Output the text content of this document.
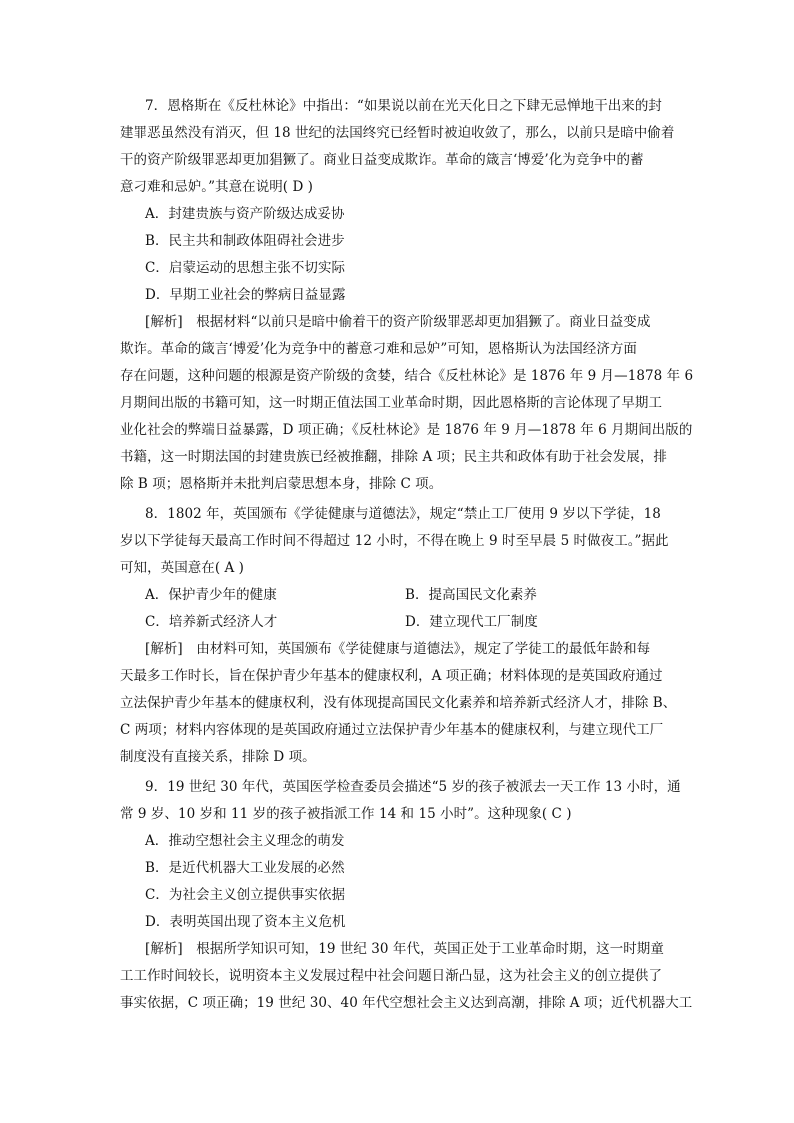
7．恩格斯在《反杜林论》中指出：“如果说以前在光天化日之下肆无忌惮地干出来的封
建罪恶虽然没有消灭，但 18 世纪的法国终究已经暂时被迫收敛了，那么，以前只是暗中偷着
干的资产阶级罪恶却更加猖獗了。商业日益变成欺诈。革命的箴言‘博爱’化为竞争中的蓄
意刁难和忌妒。”其意在说明( D )
A．封建贵族与资产阶级达成妥协
B．民主共和制政体阻碍社会进步
C．启蒙运动的思想主张不切实际
D．早期工业社会的弊病日益显露
[解析]　根据材料“以前只是暗中偷着干的资产阶级罪恶却更加猖獗了。商业日益变成
欺诈。革命的箴言‘博爱’化为竞争中的蓄意刁难和忌妒”可知，恩格斯认为法国经济方面
存在问题，这种问题的根源是资产阶级的贪婪，结合《反杜林论》是 1876 年 9 月—1878 年 6
月期间出版的书籍可知，这一时期正值法国工业革命时期，因此恩格斯的言论体现了早期工
业化社会的弊端日益暴露，D 项正确；《反杜林论》是 1876 年 9 月—1878 年 6 月期间出版的
书籍，这一时期法国的封建贵族已经被推翻，排除 A 项；民主共和政体有助于社会发展，排
除 B 项；恩格斯并未批判启蒙思想本身，排除 C 项。
8．1802 年，英国颁布《学徒健康与道德法》，规定“禁止工厂使用 9 岁以下学徒，18
岁以下学徒每天最高工作时间不得超过 12 小时，不得在晚上 9 时至早晨 5 时做夜工。”据此
可知，英国意在( A )
A．保护青少年的健康	B．提高国民文化素养
C．培养新式经济人才	D．建立现代工厂制度
[解析]　由材料可知，英国颁布《学徒健康与道德法》，规定了学徒工的最低年龄和每
天最多工作时长，旨在保护青少年基本的健康权利，A 项正确；材料体现的是英国政府通过
立法保护青少年基本的健康权利，没有体现提高国民文化素养和培养新式经济人才，排除 B、
C 两项；材料内容体现的是英国政府通过立法保护青少年基本的健康权利，与建立现代工厂
制度没有直接关系，排除 D 项。
9．19 世纪 30 年代，英国医学检查委员会描述“5 岁的孩子被派去一天工作 13 小时，通
常 9 岁、10 岁和 11 岁的孩子被指派工作 14 和 15 小时”。这种现象( C )
A．推动空想社会主义理念的萌发
B．是近代机器大工业发展的必然
C．为社会主义创立提供事实依据
D．表明英国出现了资本主义危机
[解析]　根据所学知识可知，19 世纪 30 年代，英国正处于工业革命时期，这一时期童
工工作时间较长，说明资本主义发展过程中社会问题日渐凸显，这为社会主义的创立提供了
事实依据，C 项正确；19 世纪 30、40 年代空想社会主义达到高潮，排除 A 项；近代机器大工
